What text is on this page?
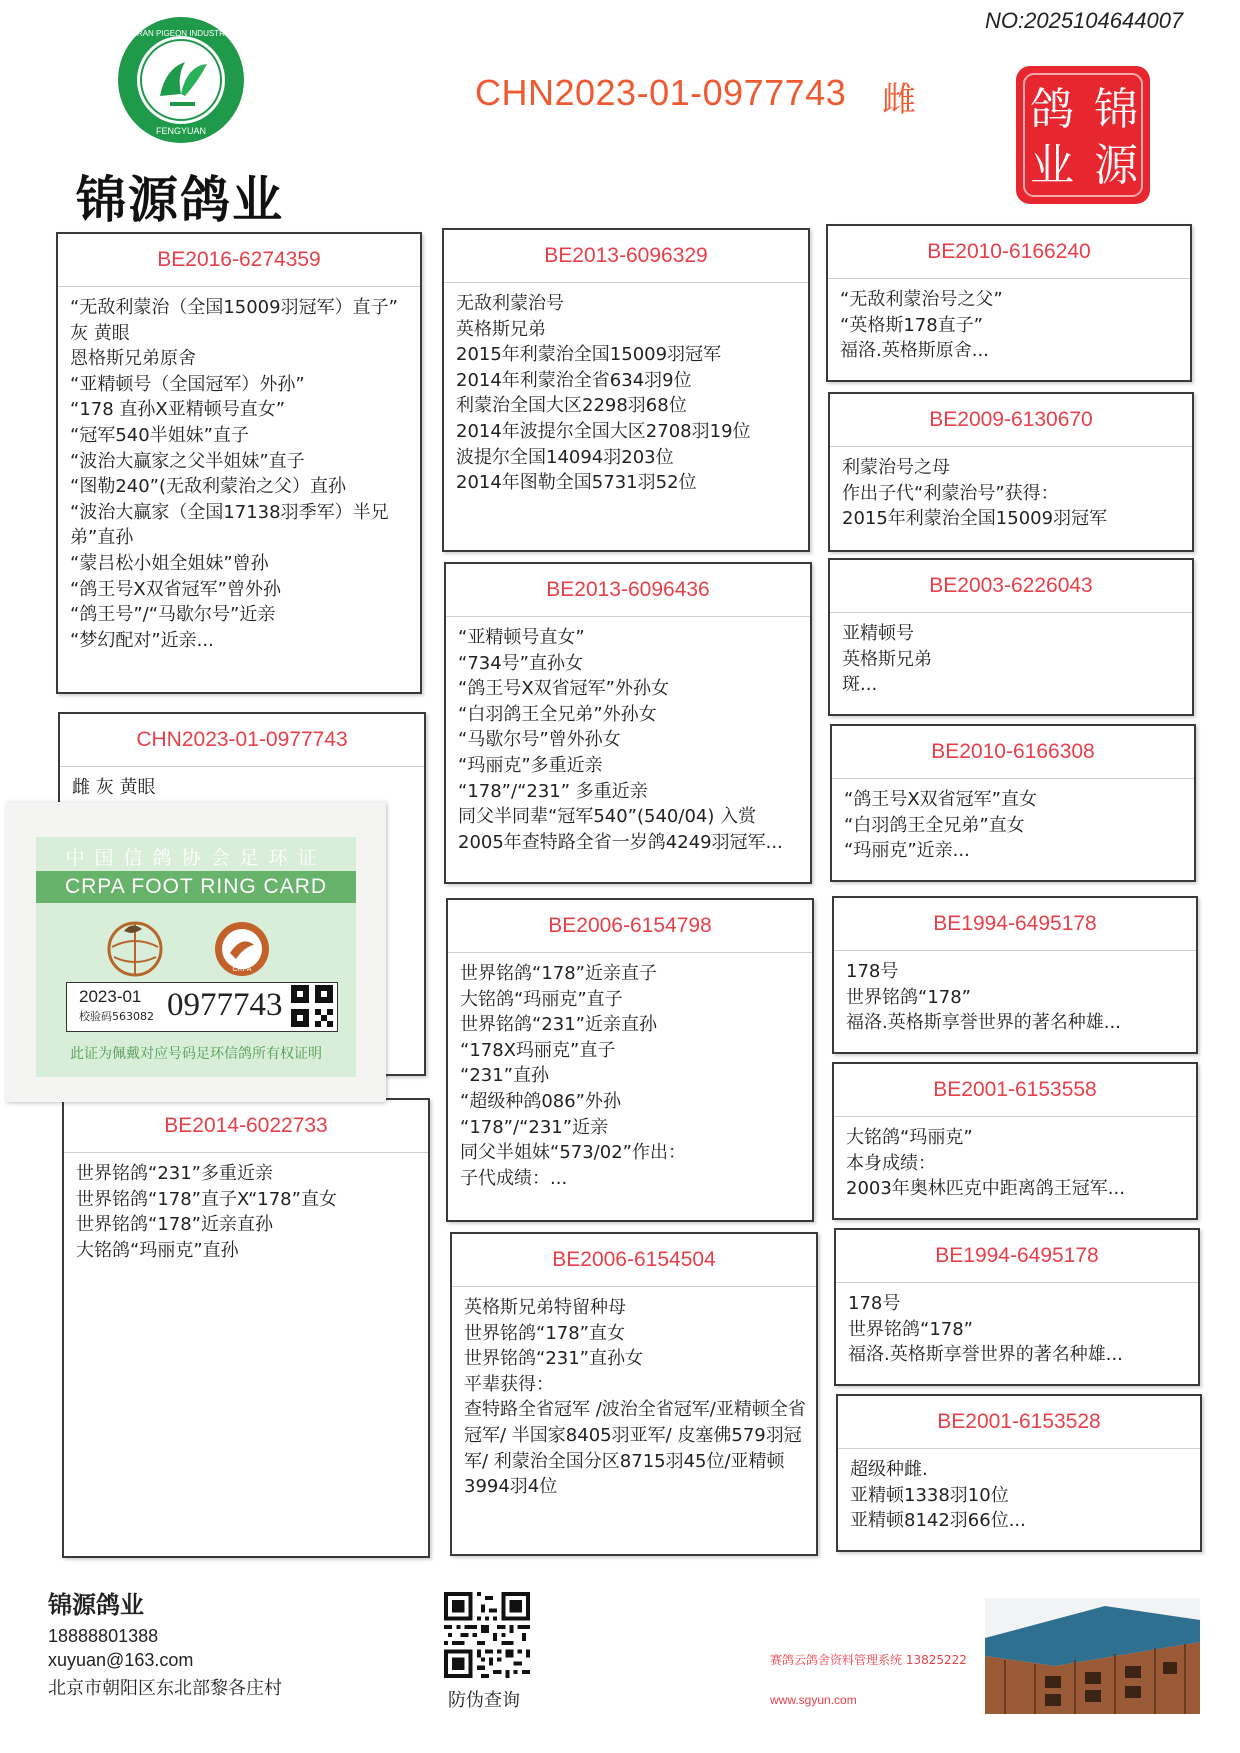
NO:2025104644007
FRAN PIGEON INDUSTRY
FENGYUAN
锦源鸽业
CHN2023-01-0977743 雌	锦
源
鸽
业
BE2016-6274359
“无敌利蒙治（全国15009羽冠军）直子”
灰 黄眼
恩格斯兄弟原舍
“亚精顿号（全国冠军）外孙”
“178 直孙X亚精顿号直女”
“冠军540半姐妹”直子
“波治大赢家之父半姐妹”直子
“图勒240”(无敌利蒙治之父）直孙
“波治大赢家（全国17138羽季军）半兄弟”直孙
“蒙吕松小姐全姐妹”曾孙
“鸽王号X双省冠军”曾外孙
“鸽王号”/“马歇尔号”近亲
“梦幻配对”近亲...
CHN2023-01-0977743
雌 灰 黄眼
BE2014-6022733
世界铭鸽“231”多重近亲
世界铭鸽“178”直子X“178”直女
世界铭鸽“178”近亲直孙
大铭鸽“玛丽克”直孙
中国信鸽协会足环证
CRPA FOOT RING CARD
CRPA
2023-01
校验码563082 0977743
此证为佩戴对应号码足环信鸽所有权证明
BE2013-6096329
无敌利蒙治号
英格斯兄弟
2015年利蒙治全国15009羽冠军
2014年利蒙治全省634羽9位
利蒙治全国大区2298羽68位
2014年波提尔全国大区2708羽19位
波提尔全国14094羽203位
2014年图勒全国5731羽52位
BE2013-6096436
“亚精顿号直女”
“734号”直孙女
“鸽王号X双省冠军”外孙女
“白羽鸽王全兄弟”外孙女
“马歇尔号”曾外孙女
“玛丽克”多重近亲
“178”/“231” 多重近亲
同父半同辈“冠军540”(540/04) 入赏
2005年查特路全省一岁鸽4249羽冠军...
BE2006-6154798
世界铭鸽“178”近亲直子
大铭鸽“玛丽克”直子
世界铭鸽“231”近亲直孙
“178X玛丽克”直子
“231”直孙
“超级种鸽086”外孙
“178”/“231”近亲
同父半姐妹“573/02”作出：
子代成绩：...
BE2006-6154504
英格斯兄弟特留种母
世界铭鸽“178”直女
世界铭鸽“231”直孙女
平辈获得：
查特路全省冠军 /波治全省冠军/亚精顿全省冠军/ 半国家8405羽亚军/ 皮塞佛579羽冠军/ 利蒙治全国分区8715羽45位/亚精顿3994羽4位
BE2010-6166240
“无敌利蒙治号之父”
“英格斯178直子”
福洛.英格斯原舍...
BE2009-6130670
利蒙治号之母
作出子代“利蒙治号”获得：
2015年利蒙治全国15009羽冠军
BE2003-6226043
亚精顿号
英格斯兄弟
斑...
BE2010-6166308
“鸽王号X双省冠军”直女
“白羽鸽王全兄弟”直女
“玛丽克”近亲...
BE1994-6495178
178号
世界铭鸽“178”
福洛.英格斯享誉世界的著名种雄...
BE2001-6153558
大铭鸽“玛丽克”
本身成绩：
2003年奥林匹克中距离鸽王冠军...
BE1994-6495178
178号
世界铭鸽“178”
福洛.英格斯享誉世界的著名种雄...
BE2001-6153528
超级种雌.
亚精顿1338羽10位
亚精顿8142羽66位...
锦源鸽业
18888801388
xuyuan@163.com
北京市朝阳区东北部黎各庄村
防伪查询
赛鸽云鸽舍资料管理系统 13825222
www.sgyun.com
